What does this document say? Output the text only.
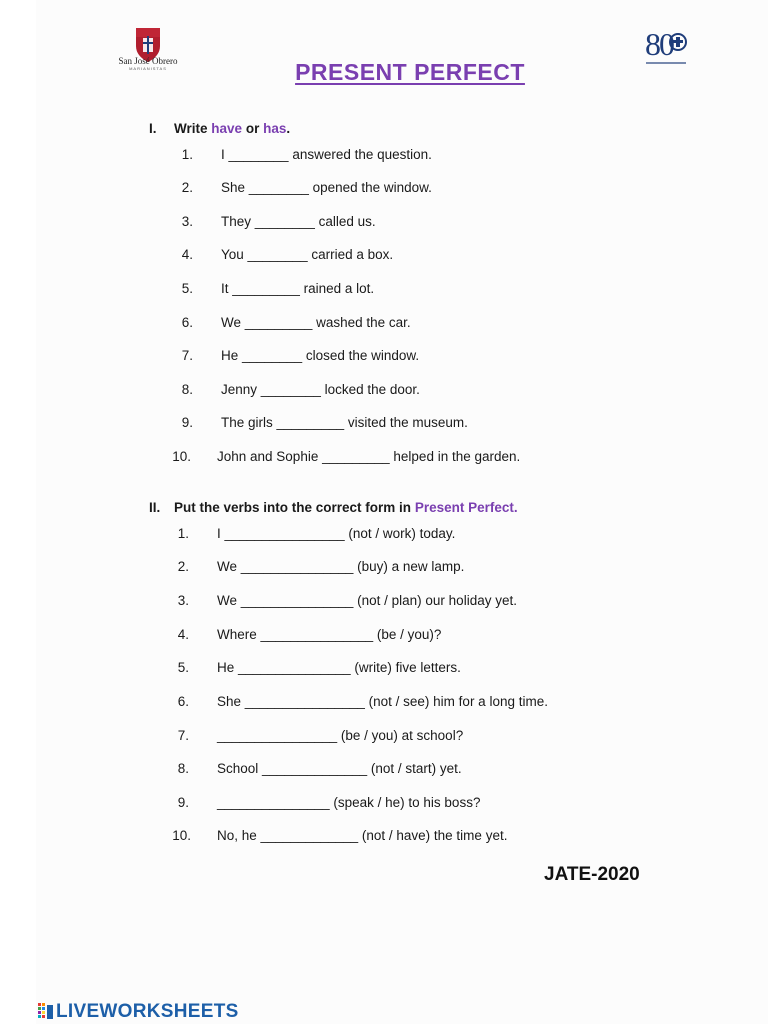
San José Obrero
MARIANISTAS
80
PRESENT PERFECT
I. Write have or has.
1. I ________ answered the question.
2. She ________ opened the window.
3. They ________ called us.
4. You ________ carried a box.
5. It _________ rained a lot.
6. We _________ washed the car.
7. He ________ closed the window.
8. Jenny ________ locked the door.
9. The girls _________ visited the museum.
10. John and Sophie _________ helped in the garden.
II. Put the verbs into the correct form in Present Perfect.
1. I ________________ (not / work) today.
2. We _______________ (buy) a new lamp.
3. We _______________ (not / plan) our holiday yet.
4. Where _______________ (be / you)?
5. He _______________ (write) five letters.
6. She ________________ (not / see) him for a long time.
7. ________________ (be / you) at school?
8. School ______________ (not / start) yet.
9. _______________ (speak / he) to his boss?
10. No, he _____________ (not / have) the time yet.
JATE-2020
LIVEWORKSHEETS
